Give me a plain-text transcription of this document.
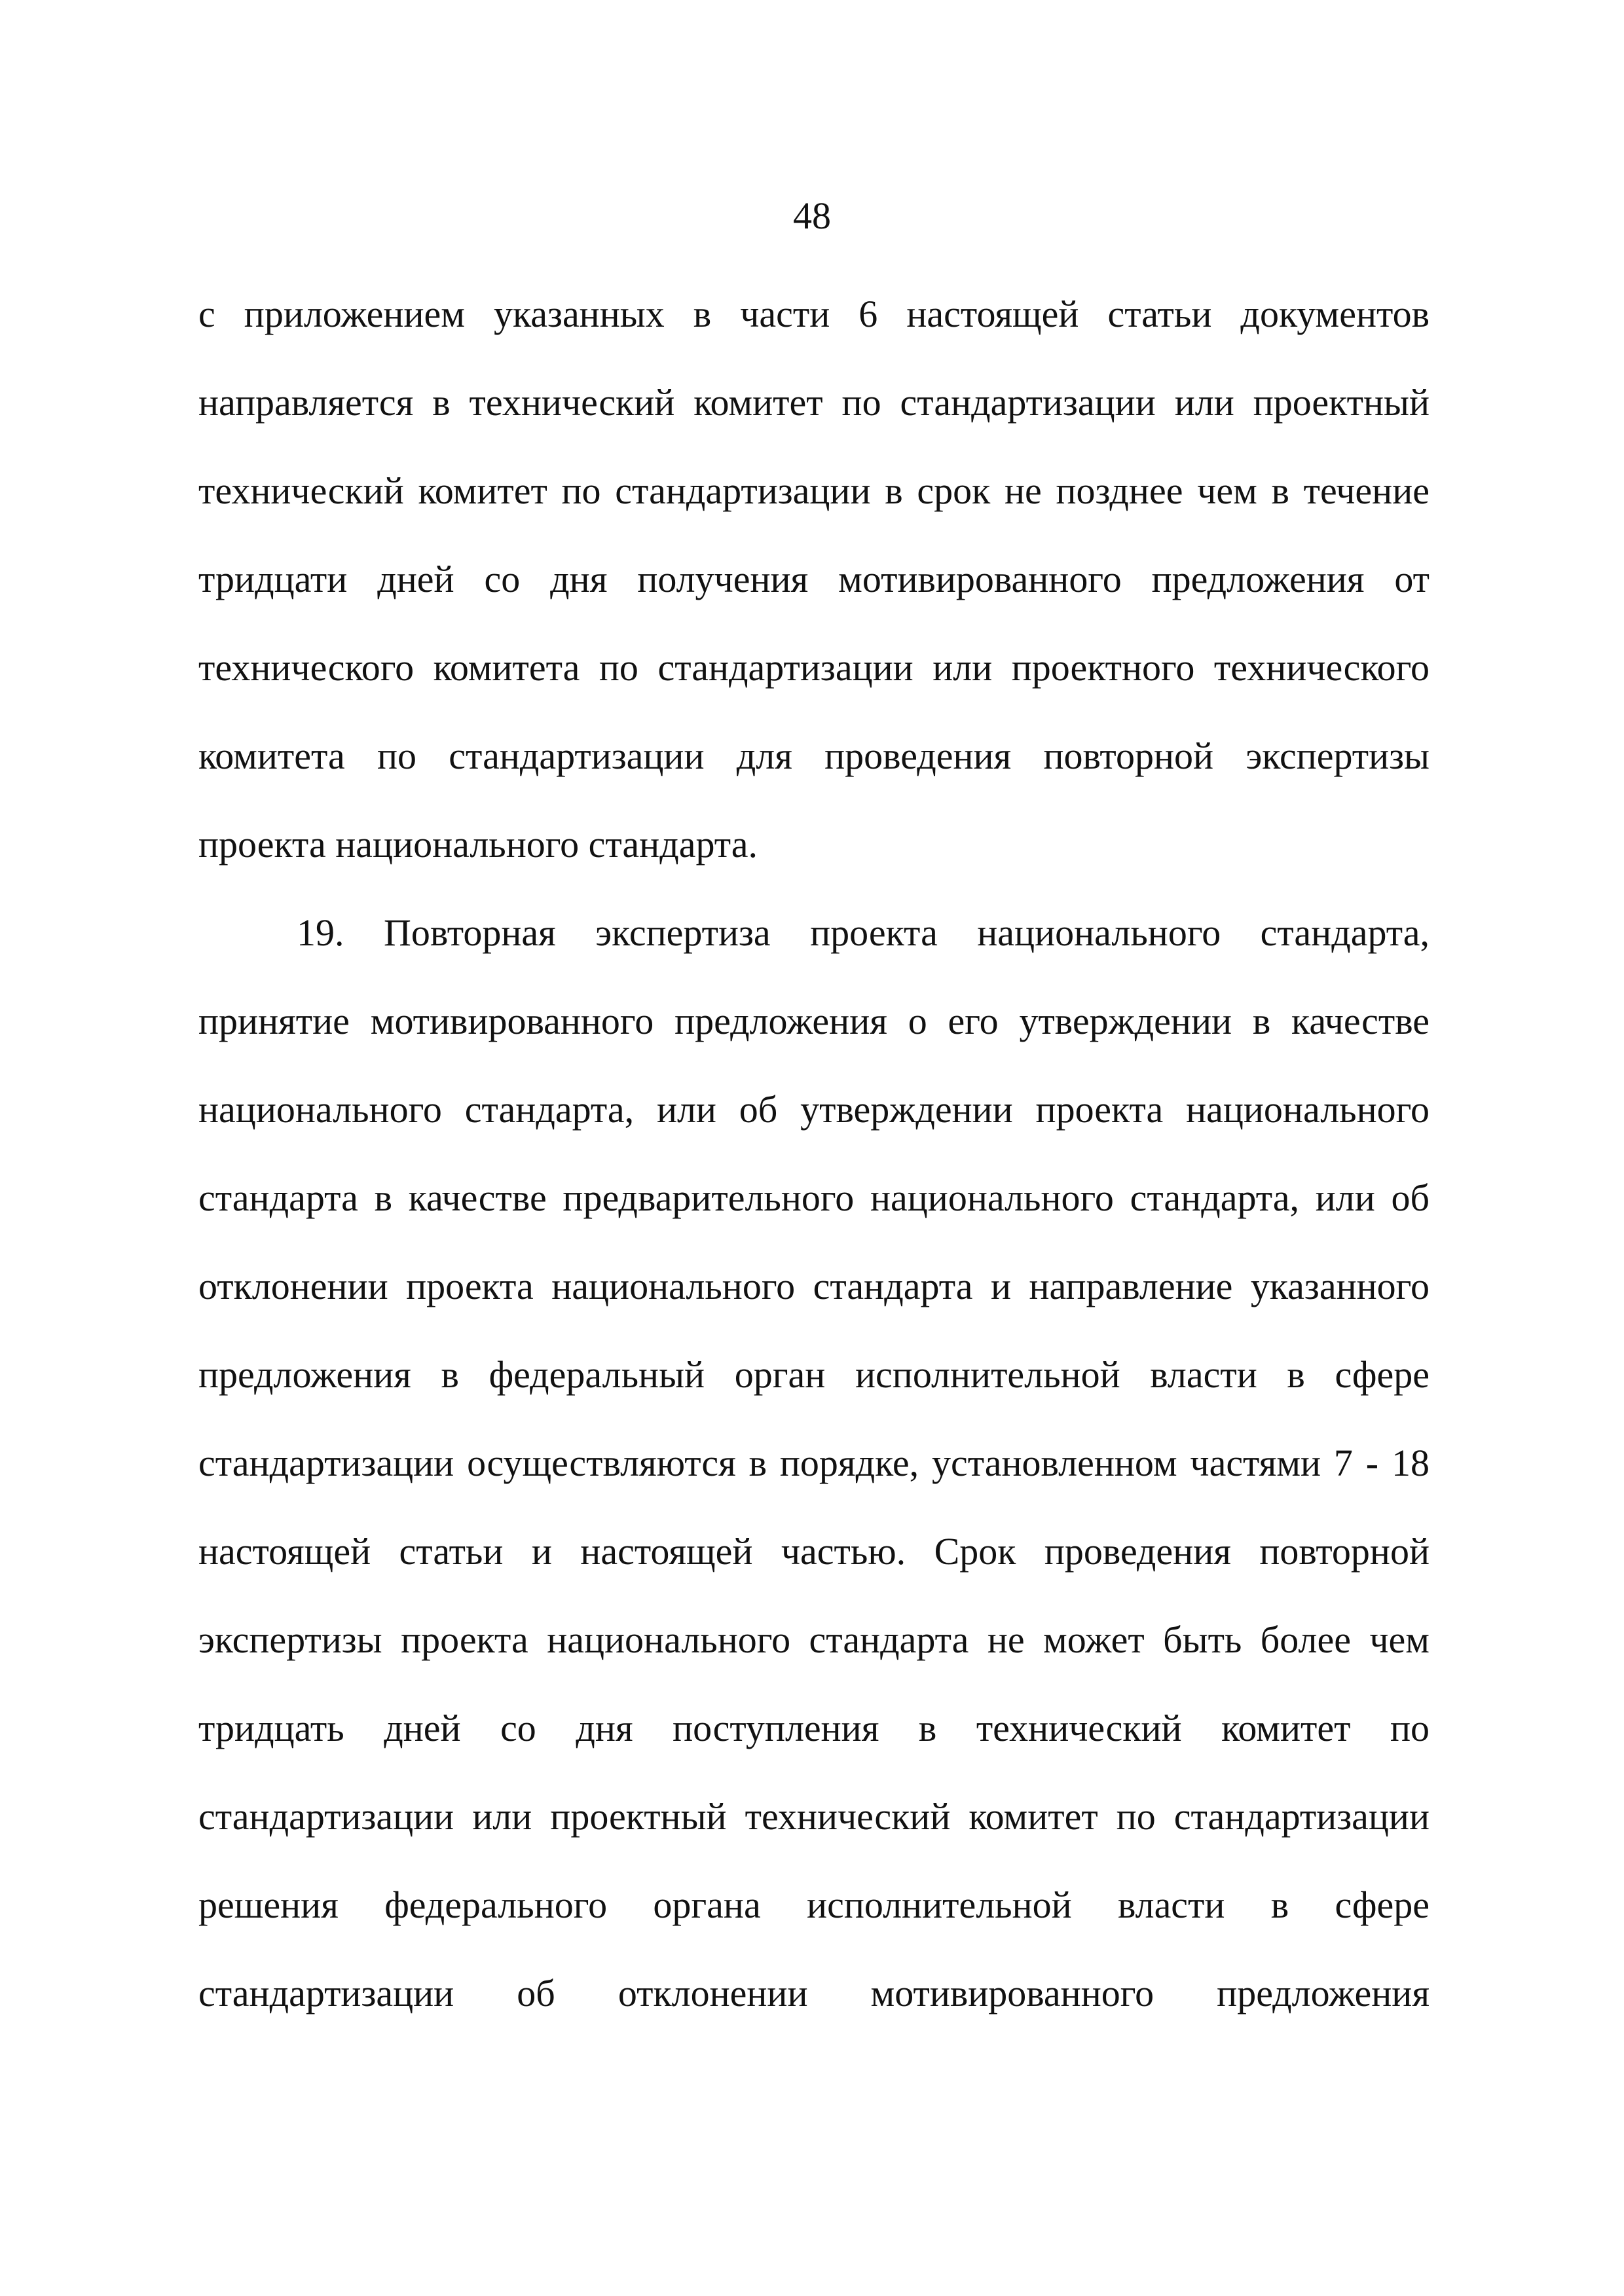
48
с приложением указанных в части 6 настоящей статьи документов
направляется в технический комитет по стандартизации или проектный
технический комитет по стандартизации в срок не позднее чем в течение
тридцати дней со дня получения мотивированного предложения от
технического комитета по стандартизации или проектного технического
комитета по стандартизации для проведения повторной экспертизы
проекта национального стандарта.
19. Повторная экспертиза проекта национального стандарта,
принятие мотивированного предложения о его утверждении в качестве
национального стандарта, или об утверждении проекта национального
стандарта в качестве предварительного национального стандарта, или об
отклонении проекта национального стандарта и направление указанного
предложения в федеральный орган исполнительной власти в сфере
стандартизации осуществляются в порядке, установленном частями 7 - 18
настоящей статьи и настоящей частью. Срок проведения повторной
экспертизы проекта национального стандарта не может быть более чем
тридцать дней со дня поступления в технический комитет по
стандартизации или проектный технический комитет по стандартизации
решения федерального органа исполнительной власти в сфере
стандартизации об отклонении мотивированного предложения
